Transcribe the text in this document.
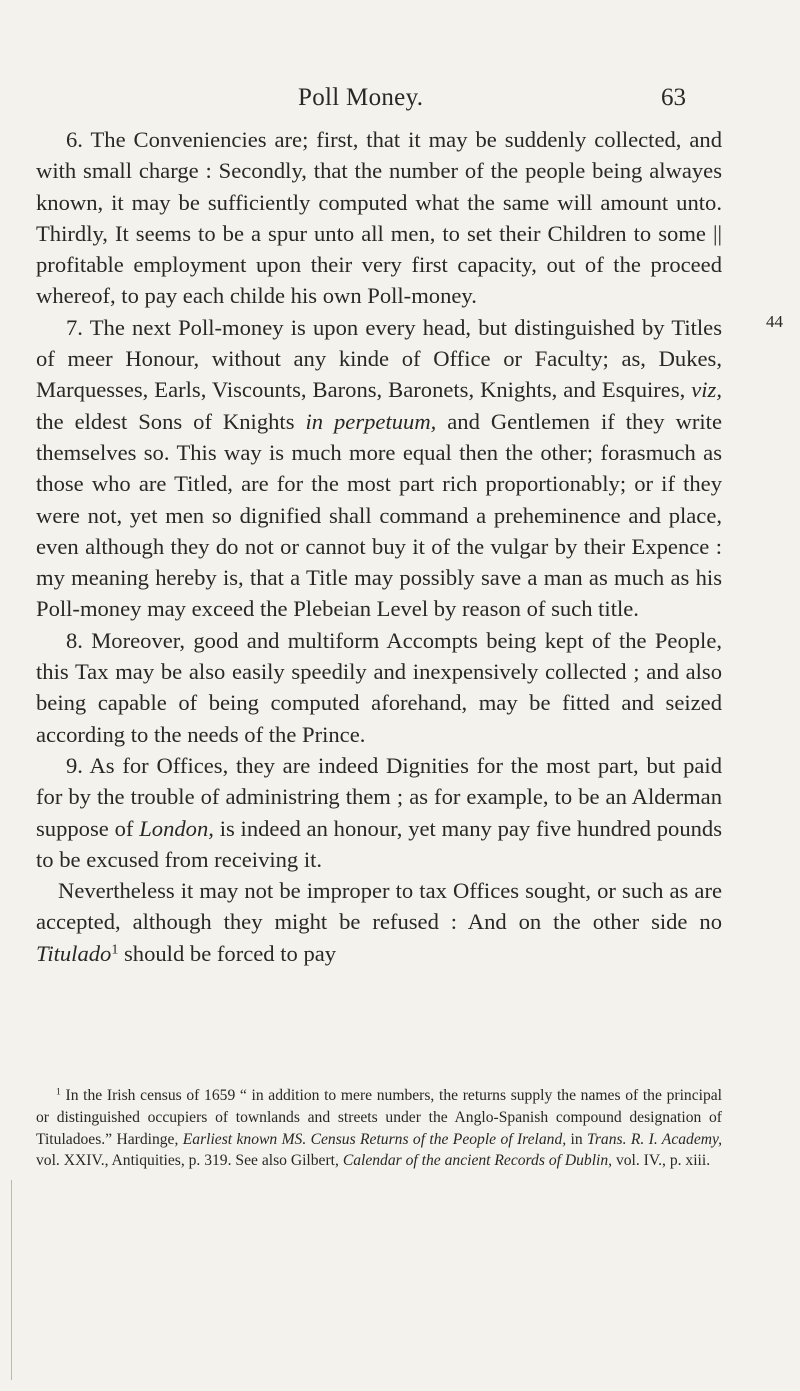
Poll Money.	63
44

6. The Conveniencies are; first, that it may be suddenly collected, and with small charge : Secondly, that the number of the people being alwayes known, it may be sufficiently computed what the same will amount unto. Thirdly, It seems to be a spur unto all men, to set their Children to some || profitable employment upon their very first capacity, out of the proceed whereof, to pay each childe his own Poll-money.

7. The next Poll-money is upon every head, but distinguished by Titles of meer Honour, without any kinde of Office or Faculty; as, Dukes, Marquesses, Earls, Viscounts, Barons, Baronets, Knights, and Esquires, viz, the eldest Sons of Knights in perpetuum, and Gentlemen if they write themselves so. This way is much more equal then the other; forasmuch as those who are Titled, are for the most part rich proportionably; or if they were not, yet men so dignified shall command a preheminence and place, even although they do not or cannot buy it of the vulgar by their Expence : my meaning hereby is, that a Title may possibly save a man as much as his Poll-money may exceed the Plebeian Level by reason of such title.

8. Moreover, good and multiform Accompts being kept of the People, this Tax may be also easily speedily and inexpensively collected ; and also being capable of being computed aforehand, may be fitted and seized according to the needs of the Prince.

9. As for Offices, they are indeed Dignities for the most part, but paid for by the trouble of administring them ; as for example, to be an Alderman suppose of London, is indeed an honour, yet many pay five hundred pounds to be excused from receiving it.

Nevertheless it may not be improper to tax Offices sought, or such as are accepted, although they might be refused : And on the other side no Titulado$^1$ should be forced to pay

$^1$ In the Irish census of 1659 “ in addition to mere numbers, the returns supply the names of the principal or distinguished occupiers of townlands and streets under the Anglo-Spanish compound designation of Tituladoes.” Hardinge, Earliest known MS. Census Returns of the People of Ireland, in Trans. R. I. Academy, vol. XXIV., Antiquities, p. 319. See also Gilbert, Calendar of the ancient Records of Dublin, vol. IV., p. xiii.
